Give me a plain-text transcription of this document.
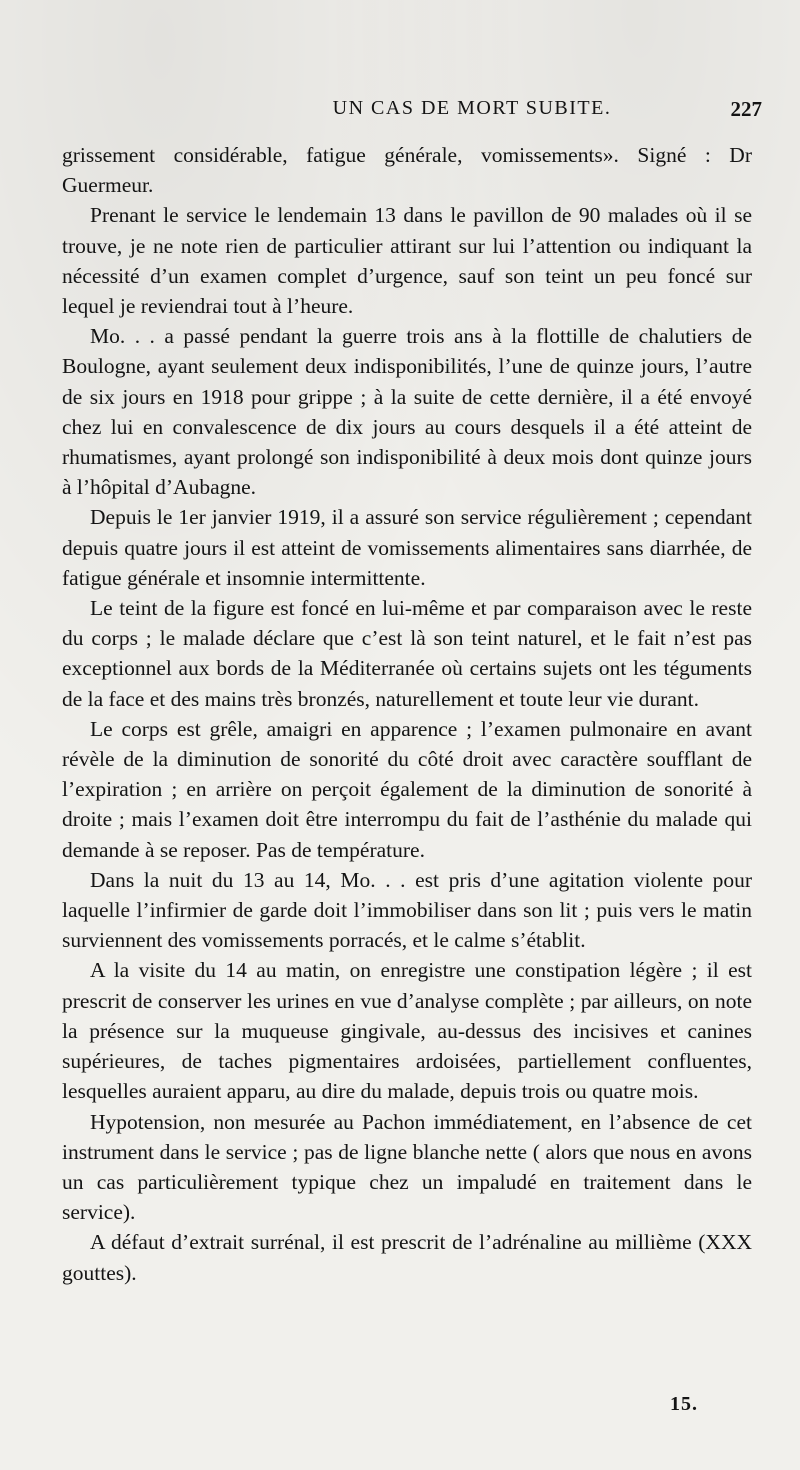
UN CAS DE MORT SUBITE.	227

grissement considérable, fatigue générale, vomissements». Signé : Dr Guermeur.

Prenant le service le lendemain 13 dans le pavillon de 90 malades où il se trouve, je ne note rien de particulier attirant sur lui l’attention ou indiquant la nécessité d’un examen complet d’urgence, sauf son teint un peu foncé sur lequel je reviendrai tout à l’heure.

Mo. . . a passé pendant la guerre trois ans à la flottille de chalutiers de Boulogne, ayant seulement deux indisponibilités, l’une de quinze jours, l’autre de six jours en 1918 pour grippe ; à la suite de cette dernière, il a été envoyé chez lui en convalescence de dix jours au cours desquels il a été atteint de rhumatismes, ayant prolongé son indisponibilité à deux mois dont quinze jours à l’hôpital d’Aubagne.

Depuis le 1er janvier 1919, il a assuré son service régulièrement ; cependant depuis quatre jours il est atteint de vomissements alimentaires sans diarrhée, de fatigue générale et insomnie intermittente.

Le teint de la figure est foncé en lui-même et par comparaison avec le reste du corps ; le malade déclare que c’est là son teint naturel, et le fait n’est pas exceptionnel aux bords de la Méditerranée où certains sujets ont les téguments de la face et des mains très bronzés, naturellement et toute leur vie durant.

Le corps est grêle, amaigri en apparence ; l’examen pulmonaire en avant révèle de la diminution de sonorité du côté droit avec caractère soufflant de l’expiration ; en arrière on perçoit également de la diminution de sonorité à droite ; mais l’examen doit être interrompu du fait de l’asthénie du malade qui demande à se reposer. Pas de température.

Dans la nuit du 13 au 14, Mo. . . est pris d’une agitation violente pour laquelle l’infirmier de garde doit l’immobiliser dans son lit ; puis vers le matin surviennent des vomissements porracés, et le calme s’établit.

A la visite du 14 au matin, on enregistre une constipation légère ; il est prescrit de conserver les urines en vue d’analyse complète ; par ailleurs, on note la présence sur la muqueuse gingivale, au-dessus des incisives et canines supérieures, de taches pigmentaires ardoisées, partiellement confluentes, lesquelles auraient apparu, au dire du malade, depuis trois ou quatre mois.

Hypotension, non mesurée au Pachon immédiatement, en l’absence de cet instrument dans le service ; pas de ligne blanche nette ( alors que nous en avons un cas particulièrement typique chez un impaludé en traitement dans le service).

A défaut d’extrait surrénal, il est prescrit de l’adrénaline au millième (XXX gouttes).

15.
